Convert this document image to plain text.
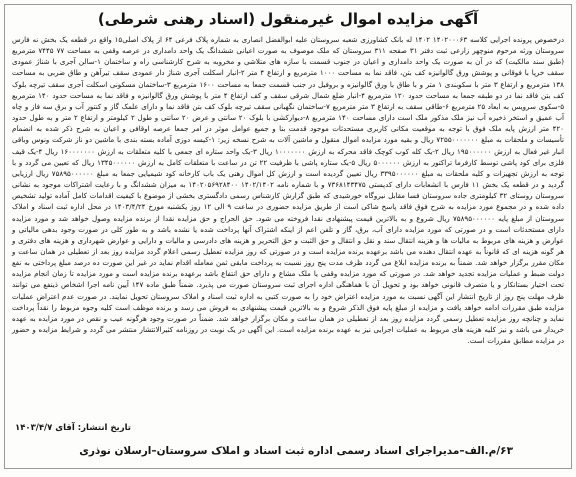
آگهی مزایده اموال غیرمنقول (اسناد رهنی شرطی)
درخصوص پرونده اجرایی کلاسه ۱۴۰۲۰۰۰۶۳ ۱۴۰۲ له بانک کشاورزی شعبه سروستان علیه ابوالفضل انصاری به شماره پلاک فرعی ۶۴ از پلاک اصلی۱۵ واقع در قطعه یک بخش نه فارس سروستان ورثه مرحوم منوچهر زارعی ثبت دفتر ۳۱ صفحه ۳۱۱ سروستان که ملک موصوف به صورت اعیانی ششدانگ یک واحد دامداری در عرصه وقفی به مساحت ۷۷ ۷۴۴۵ مترمربع (طبق سند مالکیت) که در آن به صورت یک واحد دامداری و اعیان در جنوب قسمت با سازه های متلاشی و مخروبه به شرح کارشناسی راه و ساختمان ۱-سالن آجری با شناژ عمودی سقف خرپا با فوقانی و پوشش ورق گالوانیزه کف بتن، فاقد نما به مساحت ۱۰۰۰ مترمربع و ارتفاع ۴ متر ۲-انبار اسکلت آجری شناژ دار عمودی سقف تیرآهن و طاق ضربی به مساحت ۱۳۸ مترمربع و ارتفاع ۳ متر با سکوبندی ۱ متر و با طاق با ورق گالوانیزه و بروفیل در جنب قسمت جمعا به مساحت ۱۶۰۰ مترمربع ۳-ساختمان مسکونی اسکلت آجری سقف تیرچه بلوک کف بتن فاقد نما در دو طبقه جمعا به مساحت حدود ۱۲۰ مترمربع ۴-انبار ضلع شمال شرقی سقف و کف ارتفاع ۴ متر با پوشش ورق گالوانیزه و فاقد نما به مساحت حدود ۱۴۰ مترمربع ۵-سکوی سرویس به ابعاد ۲۵ مترمربع ۶-طاقی سقف به ارتفاع ۳ متر مترمربع ۷-ساختمان نگهبانی سقف تیرچه بلوک کف بتن فاقد نما و دارای علمک گاز و کنتور آب و برق سه فاز و چاه آب عمیق و استخر ذخیره آب نیز ملک مذکور ملک است دارای مساحت ۱۴۰ مترمربع ۸-دیوارکشی با بلوک ۲۰ سانتی و عرض ۲۰ سانتی و طول ۲ کیلومتر و ارتفاع ۲ متر و به طول حدود ۴۲۰ متر ارزش پایه ملک فوق با توجه به موقعیت مکانی کاربری مستحدثات موجود قدمت بنا و جمیع عوامل موثر در امر جمعا عرصه اوقافی و اعیان به شرح ذکر شده به انضمام تأسیسات و ملحقات به مبلغ ۷۲۵۵۰۰۰۰۰۰۰ ریال و بقیه مورد مزایده اموال منقول و ماشین آلات به شرح نسخه زیر: ۱-کیسه دوزی آماده بسته بندی با ماشین دو ناز شرکت ونوس وباقی انبار غیر فعال به ارزش ۱۹۵۰۰۰۰۰۰ ریال ۲-یک کله کوب کوچک فاقد محرکه به ارزش ۱۰۰۰۰۰۰۰ ریال ۳-یک واحد ستاره ای جمعی با کلیه متعلقات به ارزش ۱۶۰۰۰۰۰۰۰ ریال ۴-یک قیف فلزی برای کود پاشی توسط کارفرما تراکتور به ارزش ۵۰۰۰۰۰۰ ریال ۵-یک ستاره پاشی با ظرفیت ۲۲ تن در ساعت با متعلقات کامل به ارزش ۱۳۴۵۰۰۰۰۰۰ ریال که تعیین می گردد و با توجه به ارزش تجهیزات و کلیه ملحقات به مبلغ ۳۳۹۵۰۰۰۰۰۰ ریال تعیین گردیده است و ارزش کل اموال رهنی یک باب کارخانه کود شیمیایی جمعا به مبلغ ۷۵۸۹۵۰۰۰۰۰۰ ریال ارزیابی گردید و در قطعه یک بخش ۱۱ فارس با انشعابات دارای کدپستی ۷۳۶۸۱۴۳۴۷۵ و با شماره نامه ۱۴۰۲/۱۴۰۲ ۱۴۰۲۰۵۶۹۲۸۴۰۰ به میزان ششدانگ و با رعایت اشتراکات موجود به نشانی سروستان روستای ۳۲ کیلومتری جاده سروستان فسا مقابل نیروگاه خورشیدی که طبق گزارش کارشناس رسمی دادگستری بخشی از موضوع با کیفیت اقدامات کامل آماده تولید تشخیص داده شده و در مجموع مورد مزایده به شرح فوق فاقد پاسخ شاکی است از طریق مزایده حضوری در ساعت ۹ الی ۱۲ روز یکشنبه مورخ ۱۴۰۳/۴/۲۴ در محل اداره ثبت اسناد و املاک سروستان از مبلغ پایه ۷۵۸۹۵۰۰۰۰۰۰ ریال شروع و به بالاترین قیمت پیشنهادی نقدا فروخته می شود. حق الحراج و حق مزایده نقدا از برنده مزایده وصول خواهد شد و مورد مزایده دارای مستحدثات است و در صورتی که مورد مزایده دارای آب، برق، گاز و تلفن اعم از اینکه اشتراک آنها پرداخت شده یا نشده باشد و به طور کلی در صورت وجود بدهی مالیاتی و عوارض و هزینه های مربوط به مالیات ها و هزینه انتقال سند و نقل و انتقال و حق الثبت و حق التحریر و هزینه های دادرسی و مالیات و دارایی و عوارض شهرداری و هزینه های دفتری و هر گونه هزینه ای که قانوناً به عهده انتقال دهنده می باشد برعهده برنده مزایده است و در صورتی که روز مزایده تعطیل رسمی اعلام گردد مزایده روز بعد از تعطیلی در همان ساعت و مکان مقرر برگزار خواهد شد. ضمناً به برنده مزایده ابلاغ می گردد ظرف مدت پنج روز نسبت به پرداخت مابقی ثمن معامله اقدام نماید در غیر این صورت ده درصد مبلغ پرداختی به نفع دولت ضبط و عملیات مزایده تجدید خواهد شد. در صورتی که مورد مزایده وقفی یا ملک مشاع و دارای حق انتفاع باشد برعهده برنده مزایده است و مورد مزایده تا زمان انجام مزایده تحت اختیار بستانکار و یا متصرف قانونی خواهد بود و تحویل آن با هماهنگی اداره اجرای ثبت سروستان صورت می پذیرد. ضمناً طبق ماده ۱۴۷ آیین نامه اجرا اشخاص ذینفع می توانند ظرف مهلت پنج روز از تاریخ انتشار این آگهی نسبت به مورد مزایده اعتراض خود را به صورت کتبی به اداره ثبت اسناد و املاک سروستان تحویل نمایند. در صورت عدم اعتراض عملیات مزایده طبق مقررات ادامه خواهد یافت و مزایده از مبلغ پایه فوق الذکر شروع و به بالاترین قیمت پیشنهادی به فروش می رسد و برنده موظف است کلیه وجوه مربوط را نقداً پرداخت نماید و چنانچه روز مزایده تعطیل رسمی گردد مزایده روز بعد از تعطیلی در همان ساعت و مکان برگزار خواهد شد. ضمناً در صورت وجود هرگونه عیب و نقص در مورد مزایده به عهده خریدار می باشد و نیز کلیه هزینه های مربوط به عملیات اجرایی نیز به عهده برنده مزایده است. این آگهی در یک نوبت در روزنامه کثیرالانتشار منتشر می گردد و شرایط مزایده و حضور در مزایده مطابق مقررات است.
تاریخ انتشار: آقای ۱۴۰۳/۴/۷
۶۳/م.الف–مدیراجرای اسناد رسمی اداره ثبت اسناد و املاک سروستان–ارسلان نوذری
